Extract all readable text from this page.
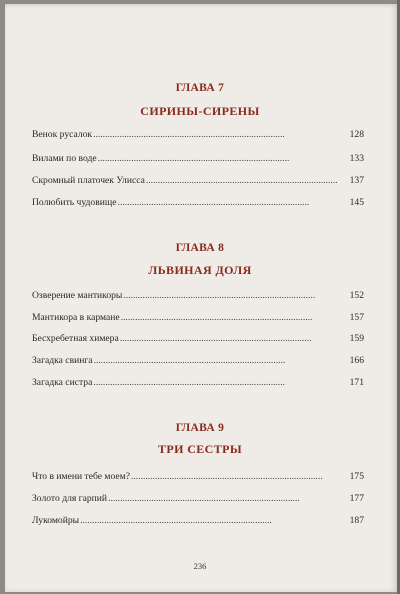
ГЛАВА 7
СИРИНЫ-СИРЕНЫ
Венок русалок . . .	128
Вилами по воде . . .	133
Скромный платочек Улисса . . .	137
Полюбить чудовище . . .	145
ГЛАВА 8
ЛЬВИНАЯ ДОЛЯ
Озверение мантикоры . . .	152
Мантикора в кармане . . .	157
Бесхребетная химера . . .	159
Загадка свинга . . .	166
Загадка систра . . .	171
ГЛАВА 9
ТРИ СЕСТРЫ
Что в имени тебе моем? . . .	175
Золото для гарпий . . .	177
Лукомойры . . .	187
236
